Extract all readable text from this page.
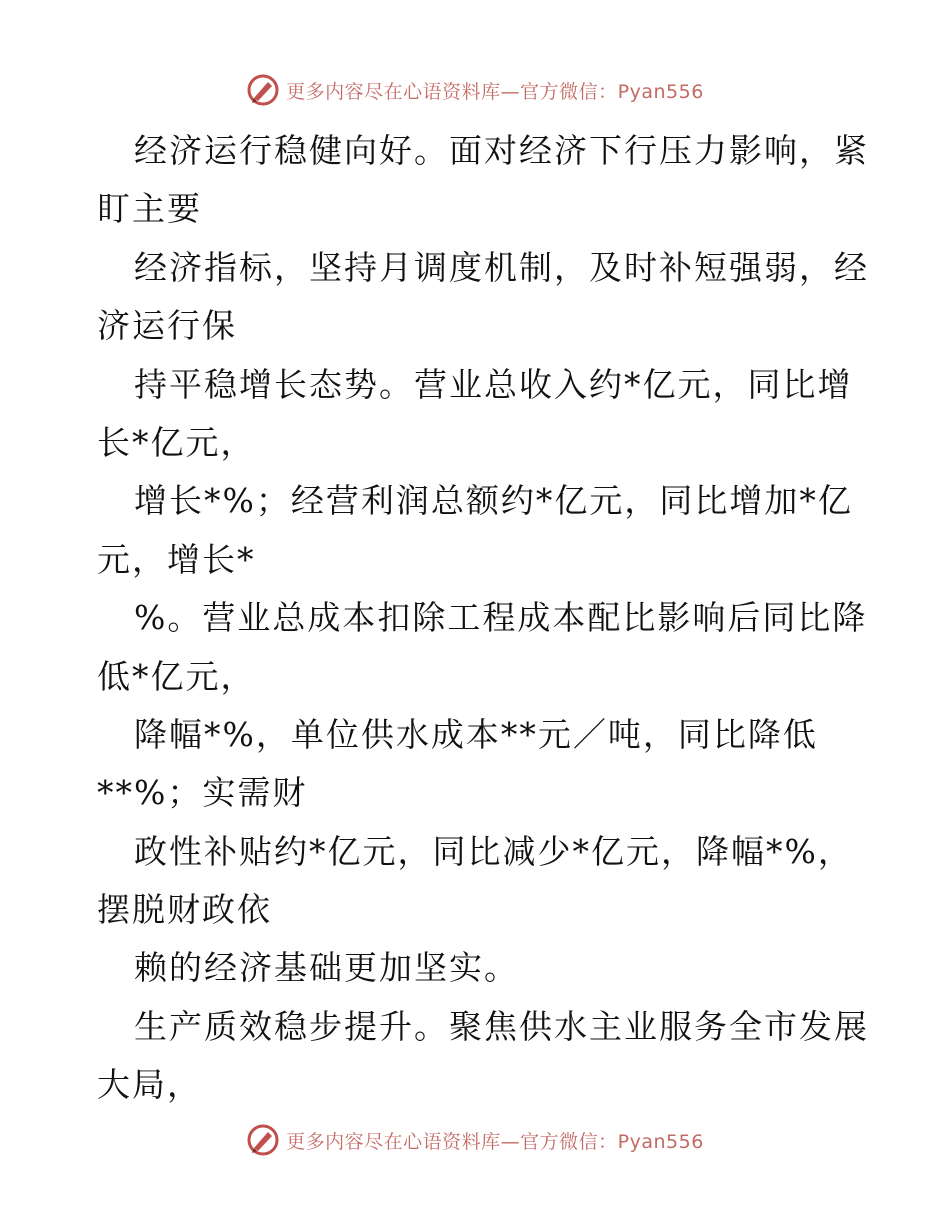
更多内容尽在心语资料库—官方微信：Pyan556
经济运行稳健向好。面对经济下行压力影响，紧
盯主要
经济指标，坚持月调度机制，及时补短强弱，经
济运行保
持平稳增长态势。营业总收入约*亿元，同比增
长*亿元，
增长*%；经营利润总额约*亿元，同比增加*亿
元，增长*
%。营业总成本扣除工程成本配比影响后同比降
低*亿元，
降幅*%，单位供水成本**元／吨，同比降低
**%；实需财
政性补贴约*亿元，同比减少*亿元，降幅*%，
摆脱财政依
赖的经济基础更加坚实。
生产质效稳步提升。聚焦供水主业服务全市发展
大局，
更多内容尽在心语资料库—官方微信：Pyan556
